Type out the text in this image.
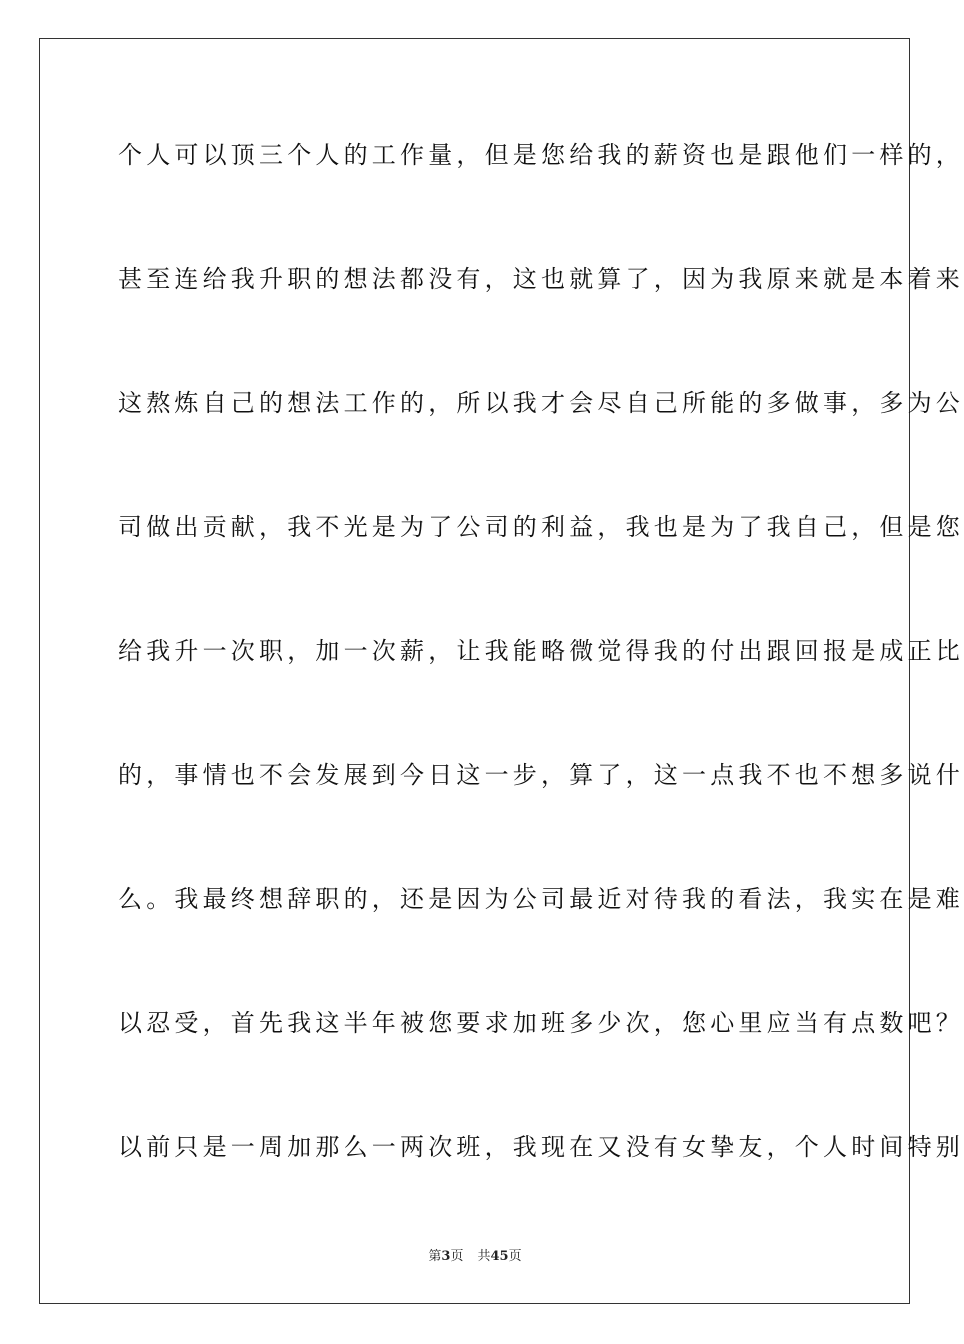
个人可以顶三个人的工作量，但是您给我的薪资也是跟他们一样的，
甚至连给我升职的想法都没有，这也就算了，因为我原来就是本着来
这熬炼自己的想法工作的，所以我才会尽自己所能的多做事，多为公
司做出贡献，我不光是为了公司的利益，我也是为了我自己，但是您
给我升一次职，加一次薪，让我能略微觉得我的付出跟回报是成正比
的，事情也不会发展到今日这一步，算了，这一点我不也不想多说什
么。我最终想辞职的，还是因为公司最近对待我的看法，我实在是难
以忍受，首先我这半年被您要求加班多少次，您心里应当有点数吧？
以前只是一周加那么一两次班，我现在又没有女挚友，个人时间特别
第3页 共45页
